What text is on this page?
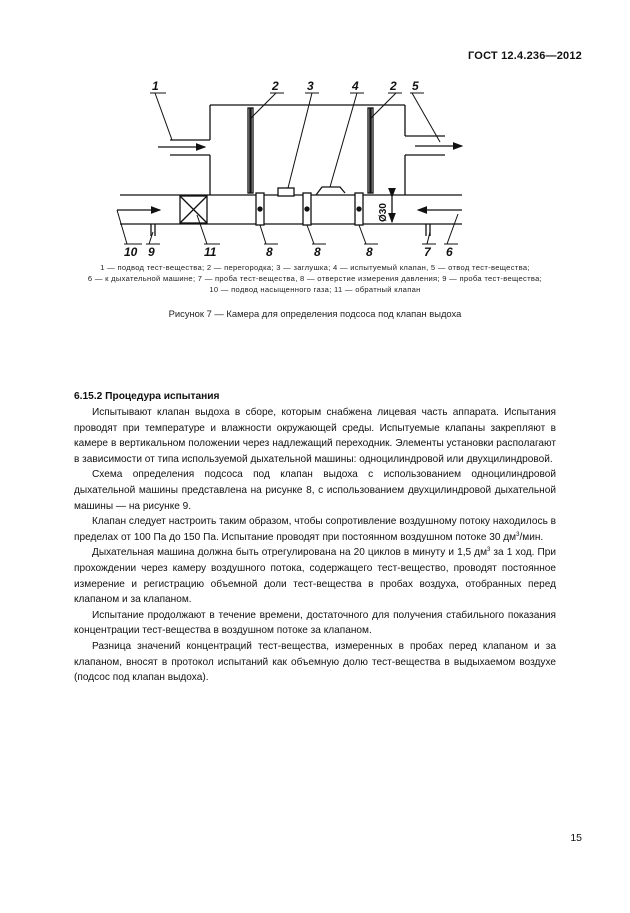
ГОСТ 12.4.236—2012
1	2 3	4	2 5
10 9	11	8	8	8	7 6
Ø30
1 — подвод тест-вещества; 2 — перегородка; 3 — заглушка; 4 — испытуемый клапан, 5 — отвод тест-вещества;
6 — к дыхательной машине; 7 — проба тест-вещества, 8 — отверстие измерения давления; 9 — проба тест-вещества;
10 — подвод насыщенного газа; 11 — обратный клапан
Рисунок 7 — Камера для определения подсоса под клапан выдоха
6.15.2 Процедура испытания

Испытывают клапан выдоха в сборе, которым снабжена лицевая часть аппарата. Испытания проводят при температуре и влажности окружающей среды. Испытуемые клапаны закрепляют в камере в вертикальном положении через надлежащий переходник. Элементы установки располагают в зависимости от типа используемой дыхательной машины: одноцилиндровой или двухцилиндровой.

Схема определения подсоса под клапан выдоха с использованием одноцилиндровой дыхательной машины представлена на рисунке 8, с использованием двухцилиндровой дыхательной машины — на рисунке 9.

Клапан следует настроить таким образом, чтобы сопротивление воздушному потоку находилось в пределах от 100 Па до 150 Па. Испытание проводят при постоянном воздушном потоке 30 $дм^3$/мин.

Дыхательная машина должна быть отрегулирована на 20 циклов в минуту и 1,5 $дм^3$ за 1 ход. При прохождении через камеру воздушного потока, содержащего тест-вещество, проводят постоянное измерение и регистрацию объемной доли тест-вещества в пробах воздуха, отобранных перед клапаном и за клапаном.

Испытание продолжают в течение времени, достаточного для получения стабильного показания концентрации тест-вещества в воздушном потоке за клапаном.

Разница значений концентраций тест-вещества, измеренных в пробах перед клапаном и за клапаном, вносят в протокол испытаний как объемную долю тест-вещества в выдыхаемом воздухе (подсос под клапан выдоха).

15
